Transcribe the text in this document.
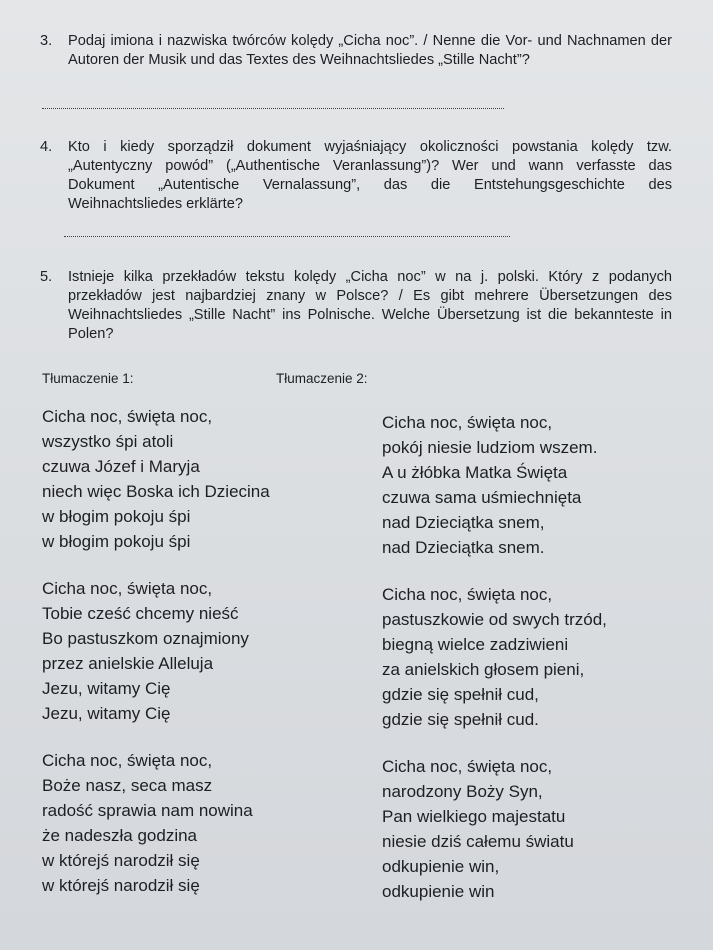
3. Podaj imiona i nazwiska twórców kolędy „Cicha noc”. / Nenne die Vor- und Nachnamen der Autoren der Musik und das Textes des Weihnachtsliedes „Stille Nacht”?
4. Kto i kiedy sporządził dokument wyjaśniający okoliczności powstania kolędy tzw. „Autentyczny powód” („Authentische Veranlassung”)? Wer und wann verfasste das Dokument „Autentische Vernalassung”, das die Entstehungsgeschichte des Weihnachtsliedes erklärte?
5. Istnieje kilka przekładów tekstu kolędy „Cicha noc” w na j. polski. Który z podanych przekładów jest najbardziej znany w Polsce? / Es gibt mehrere Übersetzungen des Weihnachtsliedes „Stille Nacht” ins Polnische. Welche Übersetzung ist die bekannteste in Polen?
Tłumaczenie 1:	Tłumaczenie 2:
Cicha noc, święta noc,
wszystko śpi atoli
czuwa Józef i Maryja
niech więc Boska ich Dziecina
w błogim pokoju śpi
w błogim pokoju śpi
Cicha noc, święta noc,
Tobie cześć chcemy nieść
Bo pastuszkom oznajmiony
przez anielskie Alleluja
Jezu, witamy Cię
Jezu, witamy Cię
Cicha noc, święta noc,
Boże nasz, seca masz
radość sprawia nam nowina
że nadeszła godzina
w którejś narodził się
w którejś narodził się
Cicha noc, święta noc,
pokój niesie ludziom wszem.
A u żłóbka Matka Święta
czuwa sama uśmiechnięta
nad Dzieciątka snem,
nad Dzieciątka snem.
Cicha noc, święta noc,
pastuszkowie od swych trzód,
biegną wielce zadziwieni
za anielskich głosem pieni,
gdzie się spełnił cud,
gdzie się spełnił cud.
Cicha noc, święta noc,
narodzony Boży Syn,
Pan wielkiego majestatu
niesie dziś całemu światu
odkupienie win,
odkupienie win
